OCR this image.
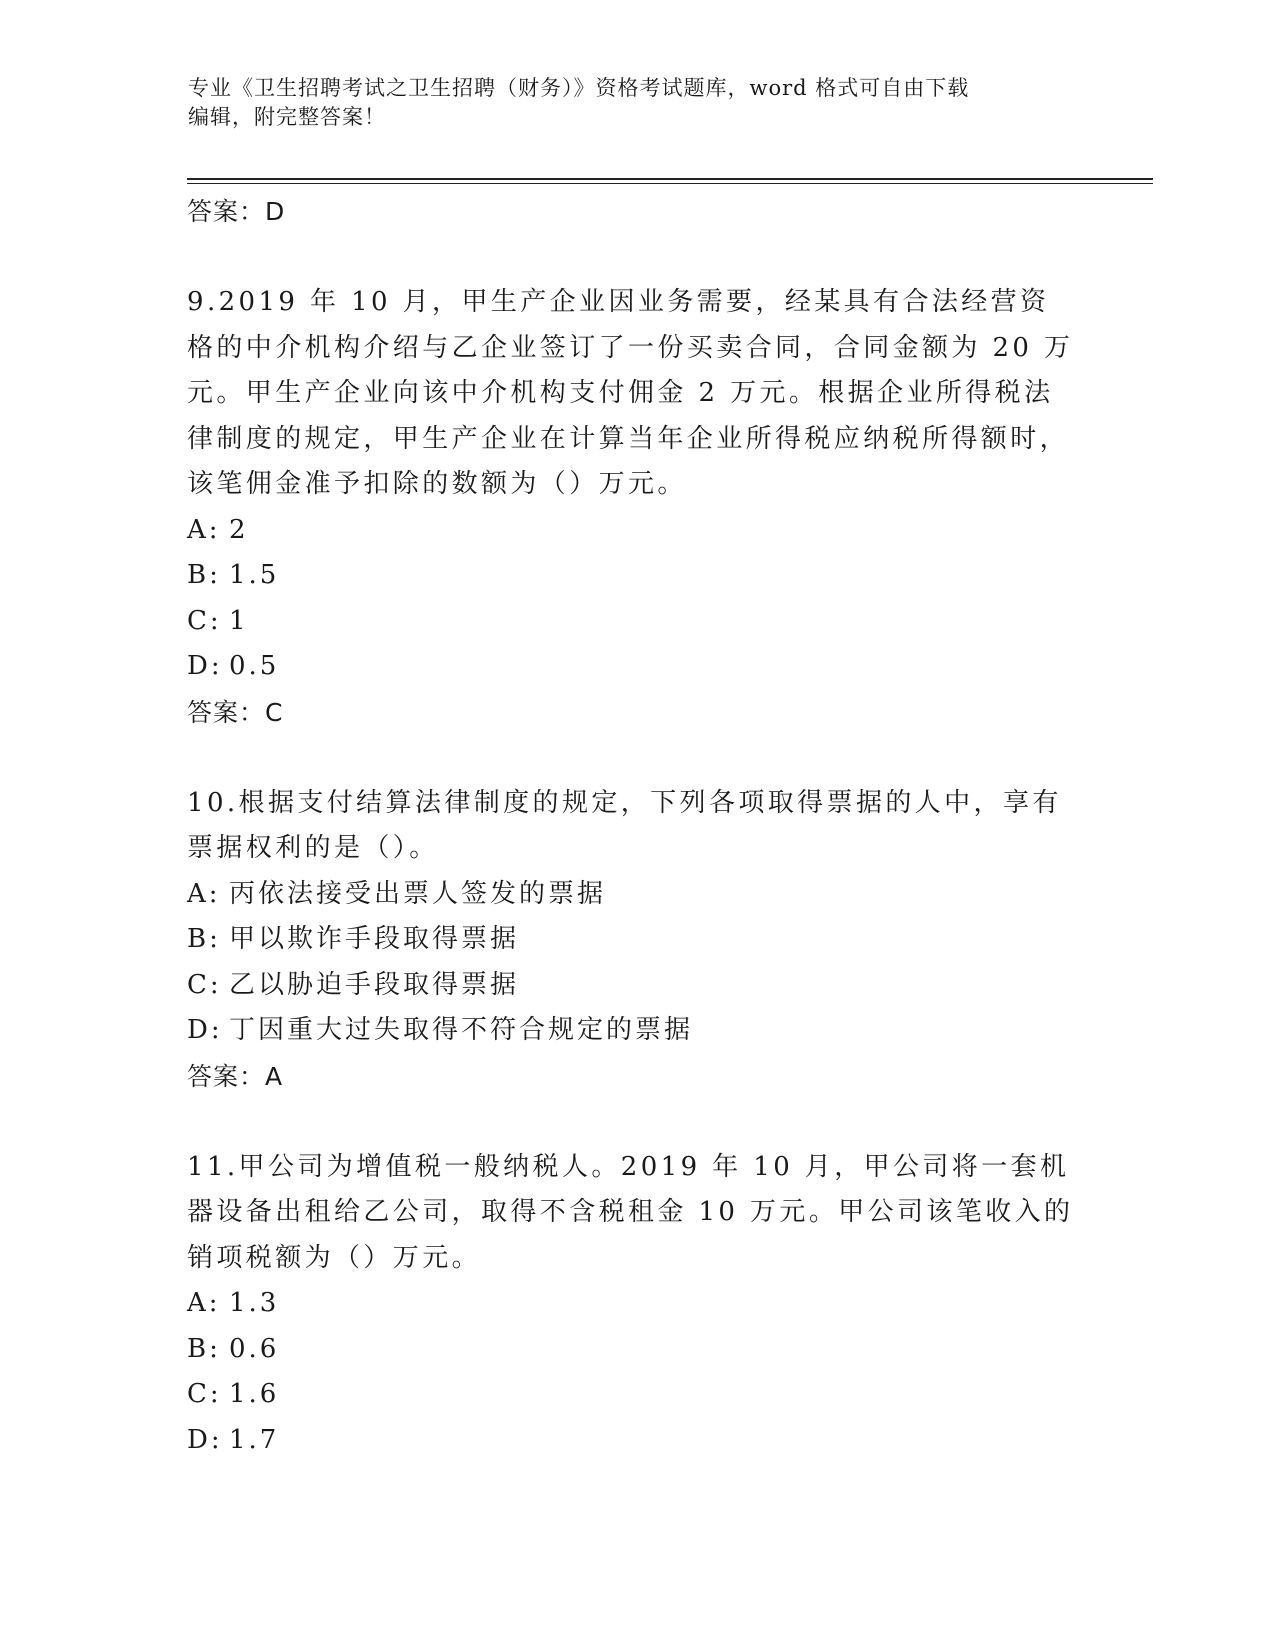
专业《卫生招聘考试之卫生招聘（财务）》资格考试题库，word 格式可自由下载
编辑，附完整答案！
答案：D

9.2019 年 10 月，甲生产企业因业务需要，经某具有合法经营资格的中介机构介绍与乙企业签订了一份买卖合同，合同金额为 20 万元。甲生产企业向该中介机构支付佣金 2 万元。根据企业所得税法律制度的规定，甲生产企业在计算当年企业所得税应纳税所得额时，该笔佣金准予扣除的数额为（）万元。

A: 2
B: 1.5
C: 1
D: 0.5
答案：C

10.根据支付结算法律制度的规定，下列各项取得票据的人中，享有票据权利的是（）。

A: 丙依法接受出票人签发的票据
B: 甲以欺诈手段取得票据
C: 乙以胁迫手段取得票据
D: 丁因重大过失取得不符合规定的票据
答案：A

11.甲公司为增值税一般纳税人。2019 年 10 月，甲公司将一套机器设备出租给乙公司，取得不含税租金 10 万元。甲公司该笔收入的销项税额为（）万元。

A: 1.3
B: 0.6
C: 1.6
D: 1.7
